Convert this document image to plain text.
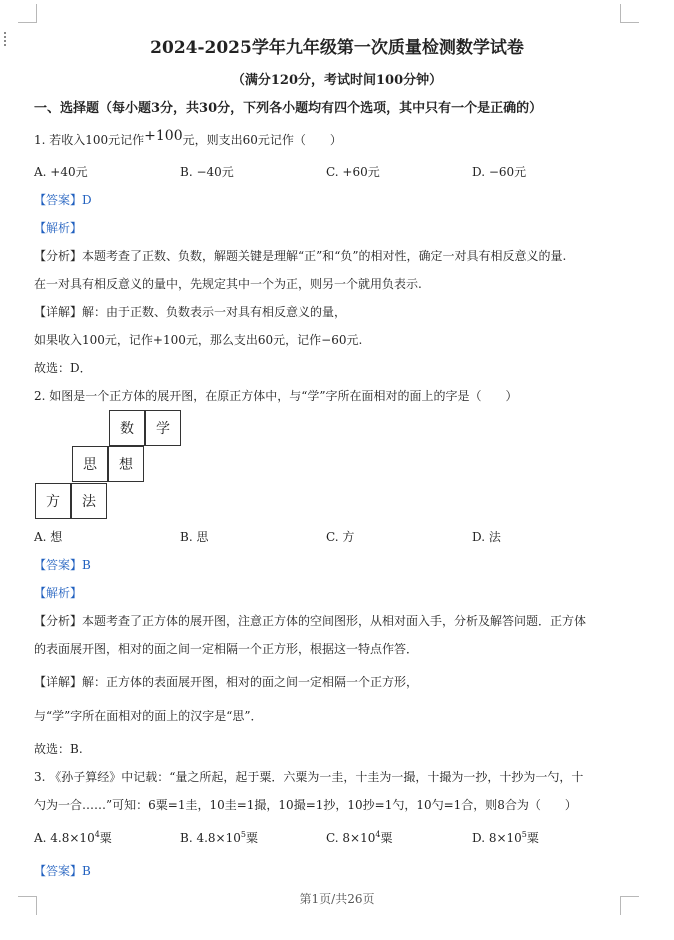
2024-2025学年九年级第一次质量检测数学试卷
（满分120分，考试时间100分钟）
一、选择题（每小题3分，共30分，下列各小题均有四个选项，其中只有一个是正确的）
1. 若收入100元记作+100元，则支出60元记作（　　）
A. +40元	B. −40元	C. +60元	D. −60元
【答案】D
【解析】
【分析】本题考查了正数、负数，解题关键是理解“正”和“负”的相对性，确定一对具有相反意义的量.
在一对具有相反意义的量中，先规定其中一个为正，则另一个就用负表示.
【详解】解：由于正数、负数表示一对具有相反意义的量，
如果收入100元，记作+100元，那么支出60元，记作−60元.
故选：D．
2. 如图是一个正方体的展开图，在原正方体中，与“学”字所在面相对的面上的字是（　　）
数	学
思	想
方	法
A. 想	B. 思	C. 方	D. 法
【答案】B
【解析】
【分析】本题考查了正方体的展开图，注意正方体的空间图形，从相对面入手，分析及解答问题．正方体
的表面展开图，相对的面之间一定相隔一个正方形，根据这一特点作答．
【详解】解：正方体的表面展开图，相对的面之间一定相隔一个正方形，
与“学”字所在面相对的面上的汉字是“思”．
故选：B.
3. 《孙子算经》中记载：“量之所起，起于粟．六粟为一圭，十圭为一撮，十撮为一抄，十抄为一勺，十
勺为一合……”可知：6粟=1圭，10圭=1撮，10撮=1抄，10抄=1勺，10勺=1合，则8合为（　　）
A. $4.8\times 10^4$粟	B. $4.8\times 10^5$粟	C. $8\times 10^4$粟	D. $8\times 10^5$粟
【答案】B
第1页/共26页
